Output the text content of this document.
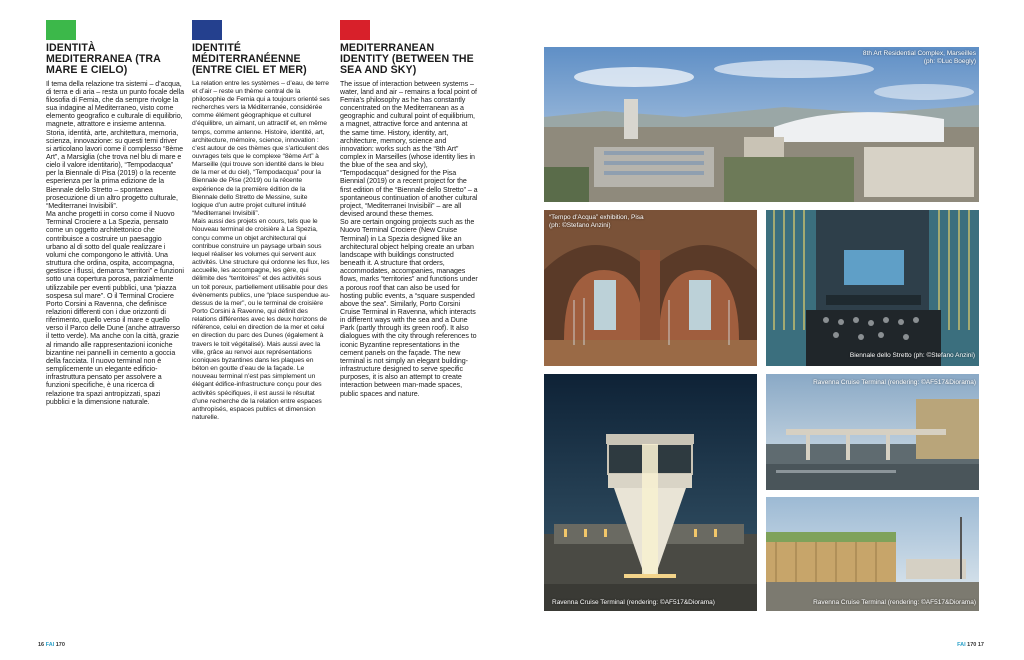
IDENTITÀ MEDITERRANEA (TRA MARE E CIELO)

Il tema della relazione tra sistemi – d’acqua, di terra e di aria – resta un punto focale della filosofia di Femia, che da sempre rivolge la sua indagine al Mediterraneo, visto come elemento geografico e culturale di equilibrio, magnete, attrattore e insieme antenna. Storia, identità, arte, architettura, memoria, scienza, innovazione: su questi temi driver si articolano lavori come il complesso “8ème Art”, a Marsiglia (che trova nel blu di mare e cielo il valore identitario), “Tempodacqua” per la Biennale di Pisa (2019) o la recente esperienza per la prima edizione de la Biennale dello Stretto – spontanea prosecuzione di un altro progetto culturale, “Mediterranei Invisibili”.
Ma anche progetti in corso come il Nuovo Terminal Crociere a La Spezia, pensato come un oggetto architettonico che contribuisce a costruire un paesaggio urbano al di sotto del quale realizzare i volumi che compongono le attività. Una struttura che ordina, ospita, accompagna, gestisce i flussi, demarca “territori” e funzioni sotto una copertura porosa, parzialmente utilizzabile per eventi pubblici, una “piazza sospesa sul mare”. O il Terminal Crociere Porto Corsini a Ravenna, che definisce relazioni differenti con i due orizzonti di riferimento, quello verso il mare e quello verso il Parco delle Dune (anche attraverso il tetto verde). Ma anche con la città, grazie al rimando alle rappresentazioni iconiche bizantine nei pannelli in cemento a goccia della facciata. Il nuovo terminal non è semplicemente un elegante edificio-infrastruttura pensato per assolvere a funzioni specifiche, è una ricerca di relazione tra spazi antropizzati, spazi pubblici e la dimensione naturale.

IDENTITÉ MÉDITERRANÉENNE (ENTRE CIEL ET MER)

La relation entre les systèmes – d’eau, de terre et d’air – reste un thème central de la philosophie de Femia qui a toujours orienté ses recherches vers la Méditerranée, considérée comme élément géographique et culturel d’équilibre, un aimant, un attractif et, en même temps, comme antenne. Histoire, identité, art, architecture, mémoire, science, innovation : c’est autour de ces thèmes que s’articulent des ouvrages tels que le complexe “8ème Art” à Marseille (qui trouve son identité dans le bleu de la mer et du ciel), “Tempodacqua” pour la Biennale de Pise (2019) ou la récente expérience de la première édition de la Biennale dello Stretto de Messine, suite logique d’un autre projet culturel intitulé “Mediterranei Invisibili”.
Mais aussi des projets en cours, tels que le Nouveau terminal de croisière à La Spezia, conçu comme un objet architectural qui contribue construire un paysage urbain sous lequel réaliser les volumes qui servent aux activités. Une structure qui ordonne les flux, les accueille, les accompagne, les gère, qui délimite des “territoires” et des activités sous un toit poreux, partiellement utilisable pour des évènements publics, une “place suspendue au-dessus de la mer”, ou le terminal de croisière Porto Corsini à Ravenne, qui définit des relations différentes avec les deux horizons de référence, celui en direction de la mer et celui en direction du parc des Dunes (également à travers le toit végétalisé). Mais aussi avec la ville, grâce au renvoi aux représentations iconiques byzantines dans les plaques en béton en goutte d’eau de la façade. Le nouveau terminal n’est pas simplement un élégant édifice-infrastructure conçu pour des activités spécifiques, il est aussi le résultat d’une recherche de la relation entre espaces anthropisés, espaces publics et dimension naturelle.

MEDITERRANEAN IDENTITY (BETWEEN THE SEA AND SKY)

The issue of interaction between systems – water, land and air – remains a focal point of Femia’s philosophy as he has constantly concentrated on the Mediterranean as a geographic and cultural point of equilibrium, a magnet, attractive force and antenna at the same time. History, identity, art, architecture, memory, science and innovation: works such as the “8th Art” complex in Marseilles (whose identity lies in the blue of the sea and sky), “Tempodacqua” designed for the Pisa Biennial (2019) or a recent project for the first edition of the “Biennale dello Stretto” – a spontaneous continuation of another cultural project, “Mediterranei Invisibili” – are all devised around these themes.
So are certain ongoing projects such as the Nuovo Terminal Crociere (New Cruise Terminal) in La Spezia designed like an architectural object helping create an urban landscape with buildings constructed beneath it. A structure that orders, accommodates, accompanies, manages flows, marks “territories” and functions under a porous roof that can also be used for hosting public events, a “square suspended above the sea”. Similarly, Porto Corsini Cruise Terminal in Ravenna, which interacts in different ways with the sea and a Dune Park (partly through its green roof). It also dialogues with the city through references to iconic Byzantine representations in the cement panels on the façade. The new terminal is not simply an elegant building-infrastructure designed to serve specific purposes, it is also an attempt to create interaction between man-made spaces, public spaces and nature.

8th Art Residential Complex, Marseilles
(ph: ©Luc Boegly)
“Tempo d’Acqua” exhibition, Pisa
(ph: ©Stefano Anzini)
Biennale dello Stretto (ph: ©Stefano Anzini)
Ravenna Cruise Terminal (rendering: ©AF517&Diorama)
Ravenna Cruise Terminal (rendering: ©AF517&Diorama)
Ravenna Cruise Terminal (rendering: ©AF517&Diorama)
16 FAI 170	FAI 170 17
